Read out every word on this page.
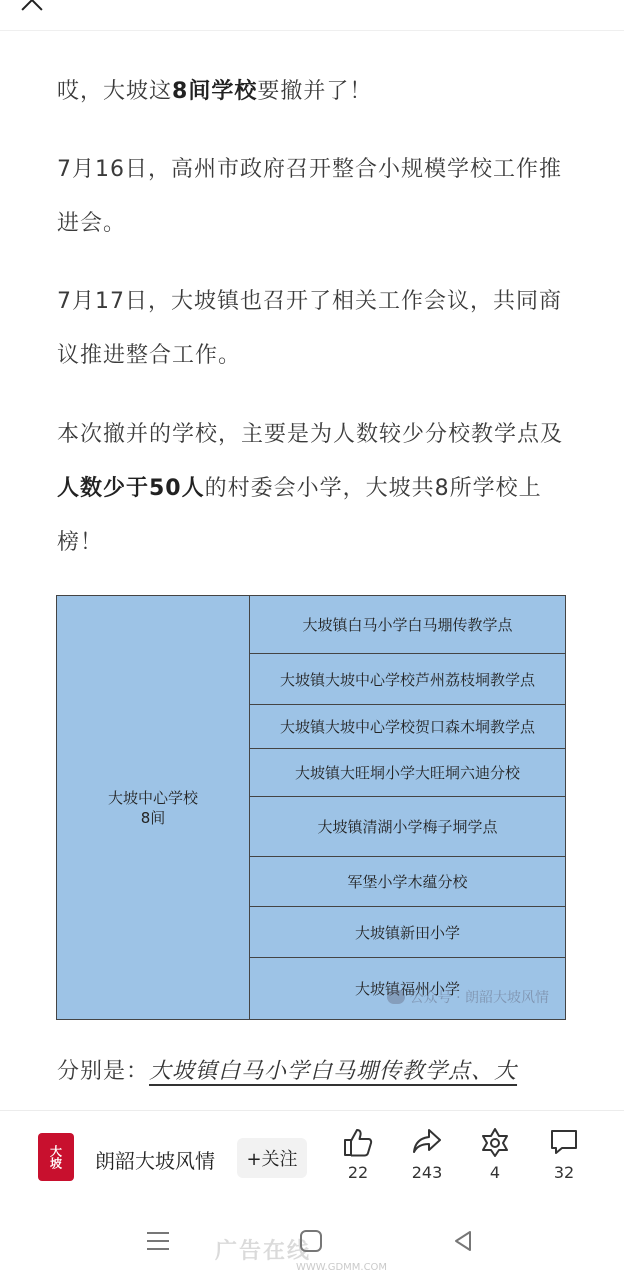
哎，大坡这8间学校要撤并了！

7月16日，高州市政府召开整合小规模学校工作推进会。

7月17日，大坡镇也召开了相关工作会议，共同商议推进整合工作。

本次撤并的学校，主要是为人数较少分校教学点及人数少于50人的村委会小学，大坡共8所学校上榜！

大坡中心学校
8间
大坡镇白马小学白马堋传教学点
大坡镇大坡中心学校芦州荔枝垌教学点
大坡镇大坡中心学校贺口森木垌教学点
大坡镇大旺垌小学大旺垌六迪分校
大坡镇清湖小学梅子垌学点
军堡小学木蕴分校
大坡镇新田小学
大坡镇福州小学
公众号 · 朗韶大坡风情
分别是：大坡镇白马小学白马堋传教学点、大
大坡 朗韶大坡风情	+关注
22	243	4	32
广告在线
WWW.GDMM.COM
